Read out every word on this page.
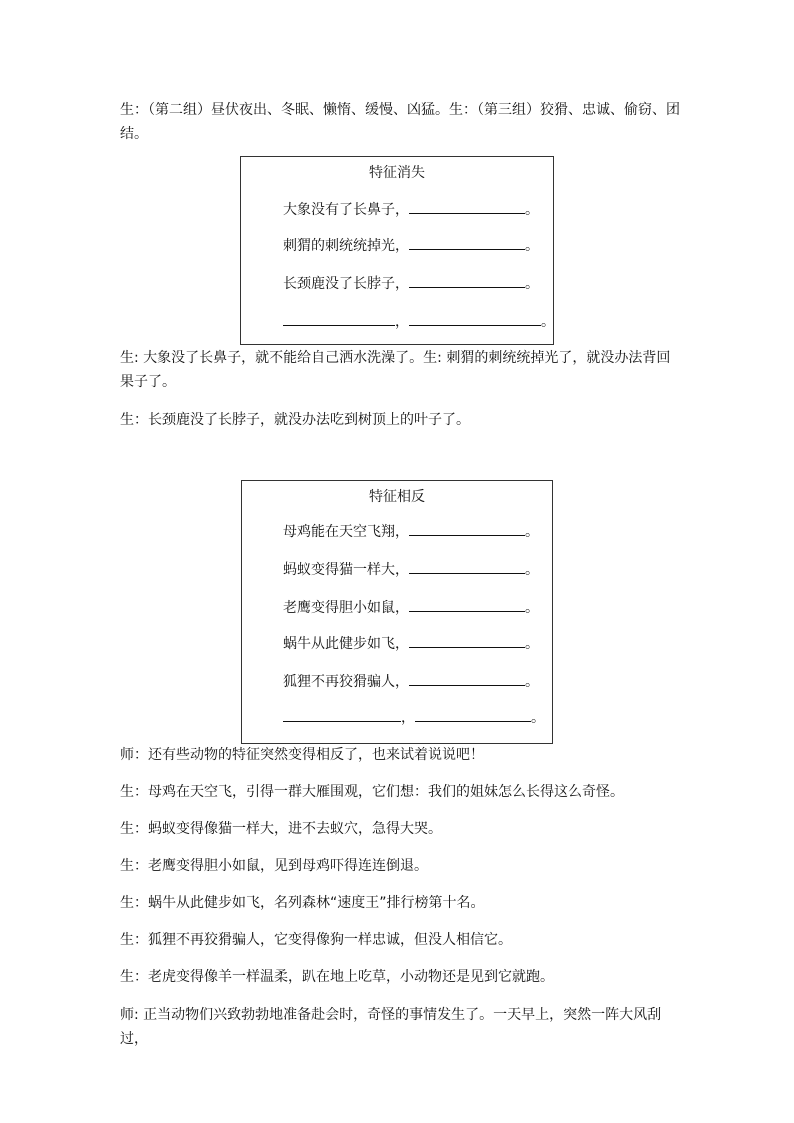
生：（第二组）昼伏夜出、冬眠、懒惰、缓慢、凶猛。生：（第三组）狡猾、忠诚、偷窃、团结。

特征消失
大象没有了长鼻子，	。
刺猬的刺统统掉光，	。
长颈鹿没了长脖子，	。
，	。

生: 大象没了长鼻子，就不能给自己洒水洗澡了。生: 刺猬的刺统统掉光了，就没办法背回果子了。

生：长颈鹿没了长脖子，就没办法吃到树顶上的叶子了。

特征相反
母鸡能在天空飞翔，	。
蚂蚁变得猫一样大，	。
老鹰变得胆小如鼠，	。
蜗牛从此健步如飞，	。
狐狸不再狡猾骗人，	。
，	。

师：还有些动物的特征突然变得相反了，也来试着说说吧！

生：母鸡在天空飞，引得一群大雁围观，它们想：我们的姐妹怎么长得这么奇怪。

生：蚂蚁变得像猫一样大，进不去蚁穴，急得大哭。

生：老鹰变得胆小如鼠，见到母鸡吓得连连倒退。

生：蜗牛从此健步如飞，名列森林“速度王”排行榜第十名。

生：狐狸不再狡猾骗人，它变得像狗一样忠诚，但没人相信它。

生：老虎变得像羊一样温柔，趴在地上吃草，小动物还是见到它就跑。

师: 正当动物们兴致勃勃地准备赴会时，奇怪的事情发生了。一天早上，突然一阵大风刮过，
